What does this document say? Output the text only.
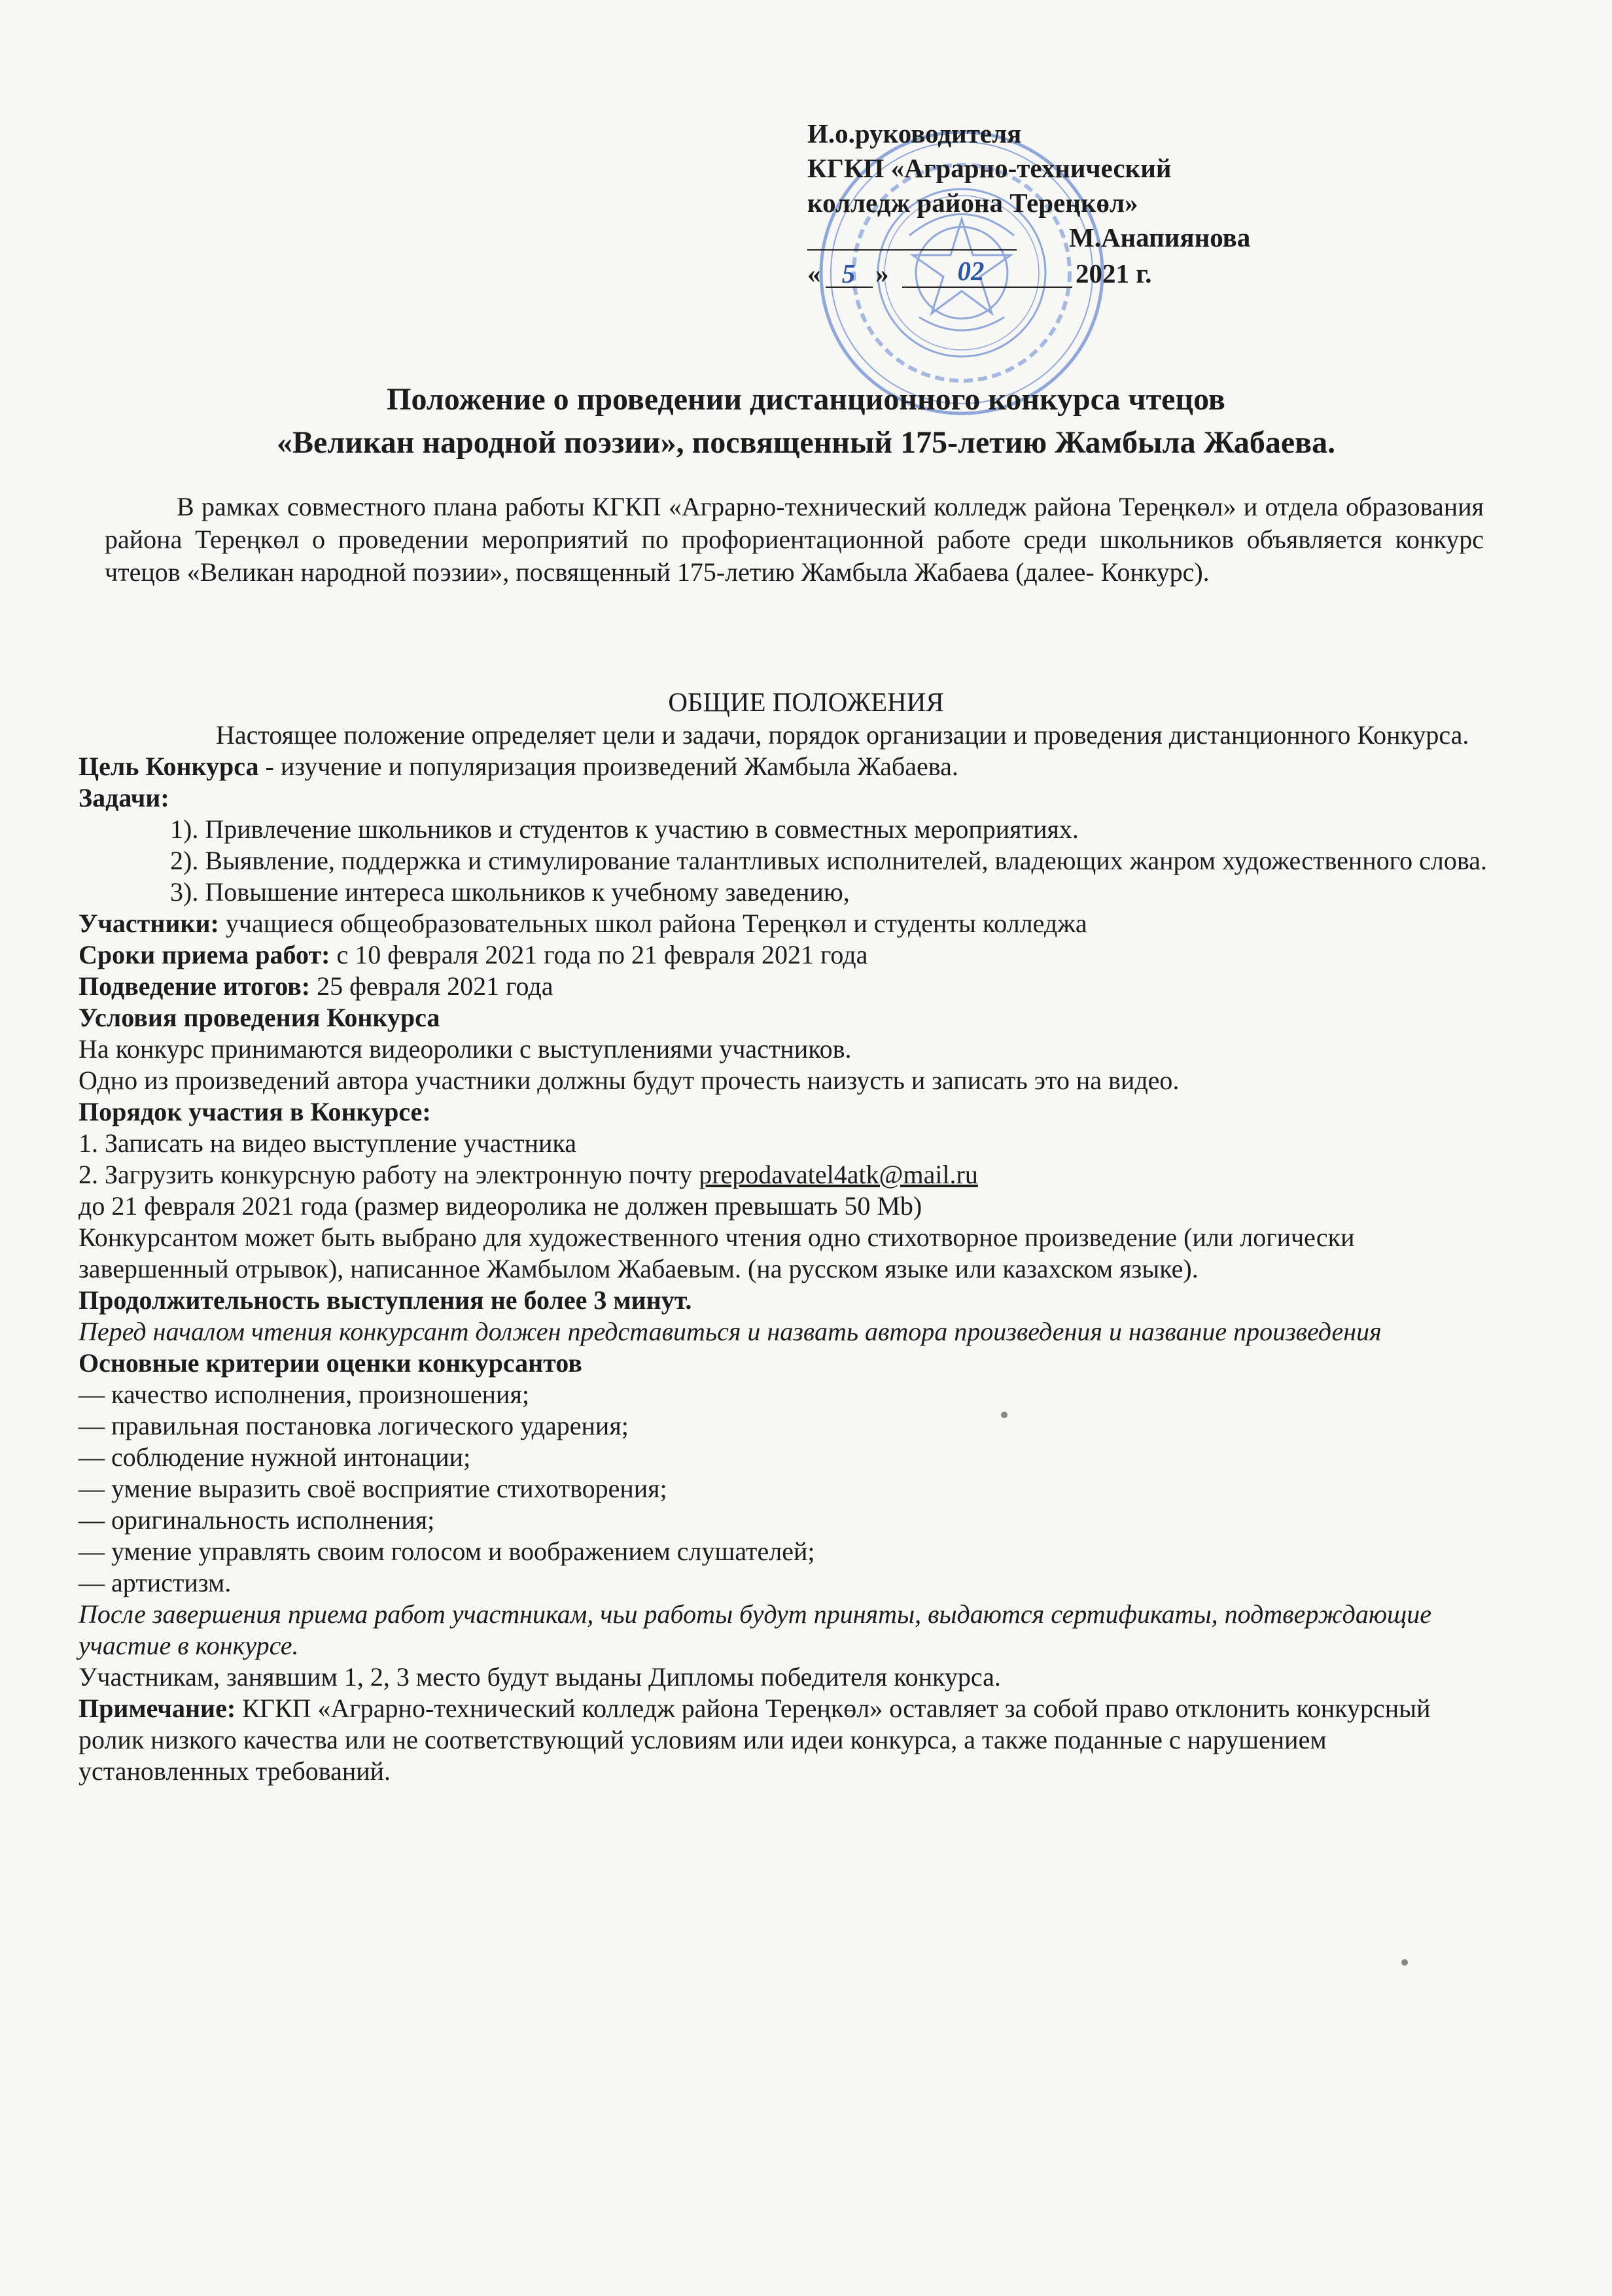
И.о.руководителя
КГКП «Аграрно-технический
колледж района Тереңкөл»
М.Анапиянова
« 5 »	02	2021 г.
Положение о проведении дистанционного конкурса чтецов
«Великан народной поэзии», посвященный 175-летию Жамбыла Жабаева.
В рамках совместного плана работы КГКП «Аграрно-технический колледж района Тереңкөл» и отдела образования района Тереңкөл о проведении мероприятий по профориентационной работе среди школьников объявляется конкурс чтецов «Великан народной поэзии», посвященный 175-летию Жамбыла Жабаева (далее- Конкурс).
ОБЩИЕ ПОЛОЖЕНИЯ

Настоящее положение определяет цели и задачи, порядок организации и проведения дистанционного Конкурса.

Цель Конкурса - изучение и популяризация произведений Жамбыла Жабаева.

Задачи:

1). Привлечение школьников и студентов к участию в совместных мероприятиях.

2). Выявление, поддержка и стимулирование талантливых исполнителей, владеющих жанром художественного слова.

3). Повышение интереса школьников к учебному заведению,

Участники: учащиеся общеобразовательных школ района Тереңкөл и студенты колледжа

Сроки приема работ: с 10 февраля 2021 года по 21 февраля 2021 года

Подведение итогов: 25 февраля 2021 года

Условия проведения Конкурса

На конкурс принимаются видеоролики с выступлениями участников.

Одно из произведений автора участники должны будут прочесть наизусть и записать это на видео.

Порядок участия в Конкурсе:

1. Записать на видео выступление участника

2. Загрузить конкурсную работу на электронную почту prepodavatel4atk@mail.ru

до 21 февраля 2021 года (размер видеоролика не должен превышать 50 Mb)

Конкурсантом может быть выбрано для художественного чтения одно стихотворное произведение (или логически завершенный отрывок), написанное Жамбылом Жабаевым. (на русском языке или казахском языке).

Продолжительность выступления не более 3 минут.

Перед началом чтения конкурсант должен представиться и назвать автора произведения и название произведения

Основные критерии оценки конкурсантов

— качество исполнения, произношения;

— правильная постановка логического ударения;

— соблюдение нужной интонации;

— умение выразить своё восприятие стихотворения;

— оригинальность исполнения;

— умение управлять своим голосом и воображением слушателей;

— артистизм.

После завершения приема работ участникам, чьи работы будут приняты, выдаются сертификаты, подтверждающие участие в конкурсе.

Участникам, занявшим 1, 2, 3 место будут выданы Дипломы победителя конкурса.

Примечание: КГКП «Аграрно-технический колледж района Тереңкөл» оставляет за собой право отклонить конкурсный ролик низкого качества или не соответствующий условиям или идеи конкурса, а также поданные с нарушением установленных требований.
